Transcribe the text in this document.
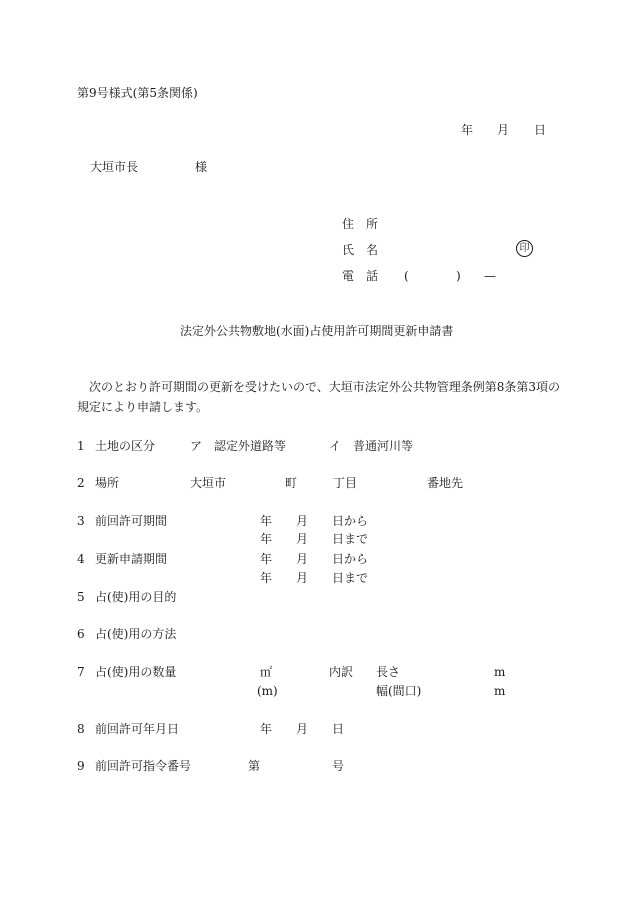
第9号様式(第5条関係)
年 月 日
大垣市長	様
住　所
氏　名	印
電　話 (	) —
法定外公共物敷地(水面)占使用許可期間更新申請書
次のとおり許可期間の更新を受けたいので、大垣市法定外公共物管理条例第8条第3項の
規定により申請します。
1 土地の区分	ア　認定外道路等	イ　普通河川等
2 場所	大垣市	町	丁目	番地先
3 前回許可期間	年 月 日から
年 月 日まで
4 更新申請期間	年 月 日から
年 月 日まで
5 占(使)用の目的
6 占(使)用の方法
7 占(使)用の数量	㎡	内訳 長さ	m
(m)	幅(間口)	m
8 前回許可年月日	年 月 日
9 前回許可指令番号	第	号
